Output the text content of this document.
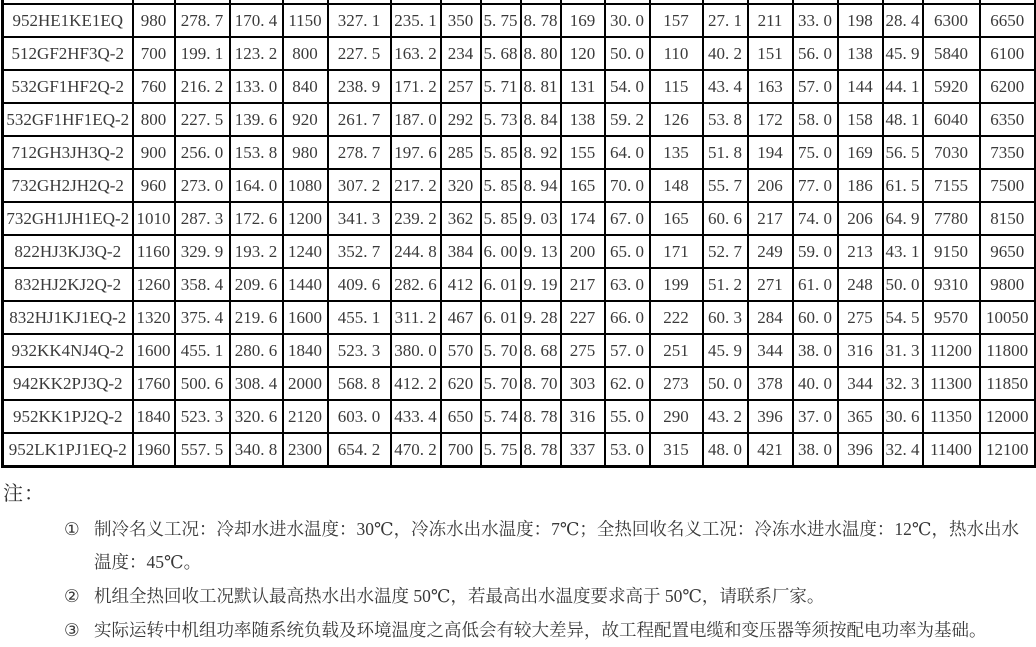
952HE1KE1EQ	980	278. 7	170. 4	1150	327. 1	235. 1	350	5. 75	8. 78	169	30. 0	157	27. 1	211	33. 0	198	28. 4	6300	6650
512GF2HF3Q-2	700	199. 1	123. 2	800	227. 5	163. 2	234	5. 68	8. 80	120	50. 0	110	40. 2	151	56. 0	138	45. 9	5840	6100
532GF1HF2Q-2	760	216. 2	133. 0	840	238. 9	171. 2	257	5. 71	8. 81	131	54. 0	115	43. 4	163	57. 0	144	44. 1	5920	6200
532GF1HF1EQ-2	800	227. 5	139. 6	920	261. 7	187. 0	292	5. 73	8. 84	138	59. 2	126	53. 8	172	58. 0	158	48. 1	6040	6350
712GH3JH3Q-2	900	256. 0	153. 8	980	278. 7	197. 6	285	5. 85	8. 92	155	64. 0	135	51. 8	194	75. 0	169	56. 5	7030	7350
732GH2JH2Q-2	960	273. 0	164. 0	1080	307. 2	217. 2	320	5. 85	8. 94	165	70. 0	148	55. 7	206	77. 0	186	61. 5	7155	7500
732GH1JH1EQ-2	1010	287. 3	172. 6	1200	341. 3	239. 2	362	5. 85	9. 03	174	67. 0	165	60. 6	217	74. 0	206	64. 9	7780	8150
822HJ3KJ3Q-2	1160	329. 9	193. 2	1240	352. 7	244. 8	384	6. 00	9. 13	200	65. 0	171	52. 7	249	59. 0	213	43. 1	9150	9650
832HJ2KJ2Q-2	1260	358. 4	209. 6	1440	409. 6	282. 6	412	6. 01	9. 19	217	63. 0	199	51. 2	271	61. 0	248	50. 0	9310	9800
832HJ1KJ1EQ-2	1320	375. 4	219. 6	1600	455. 1	311. 2	467	6. 01	9. 28	227	66. 0	222	60. 3	284	60. 0	275	54. 5	9570	10050
932KK4NJ4Q-2	1600	455. 1	280. 6	1840	523. 3	380. 0	570	5. 70	8. 68	275	57. 0	251	45. 9	344	38. 0	316	31. 3	11200	11800
942KK2PJ3Q-2	1760	500. 6	308. 4	2000	568. 8	412. 2	620	5. 70	8. 70	303	62. 0	273	50. 0	378	40. 0	344	32. 3	11300	11850
952KK1PJ2Q-2	1840	523. 3	320. 6	2120	603. 0	433. 4	650	5. 74	8. 78	316	55. 0	290	43. 2	396	37. 0	365	30. 6	11350	12000
952LK1PJ1EQ-2	1960	557. 5	340. 8	2300	654. 2	470. 2	700	5. 75	8. 78	337	53. 0	315	48. 0	421	38. 0	396	32. 4	11400	12100
注：
① 制冷名义工况：冷却水进水温度：30℃，冷冻水出水温度：7℃；全热回收名义工况：冷冻水进水温度：12℃，热水出水温度：45℃。
② 机组全热回收工况默认最高热水出水温度 50℃，若最高出水温度要求高于 50℃，请联系厂家。
③ 实际运转中机组功率随系统负载及环境温度之高低会有较大差异，故工程配置电缆和变压器等须按配电功率为基础。
